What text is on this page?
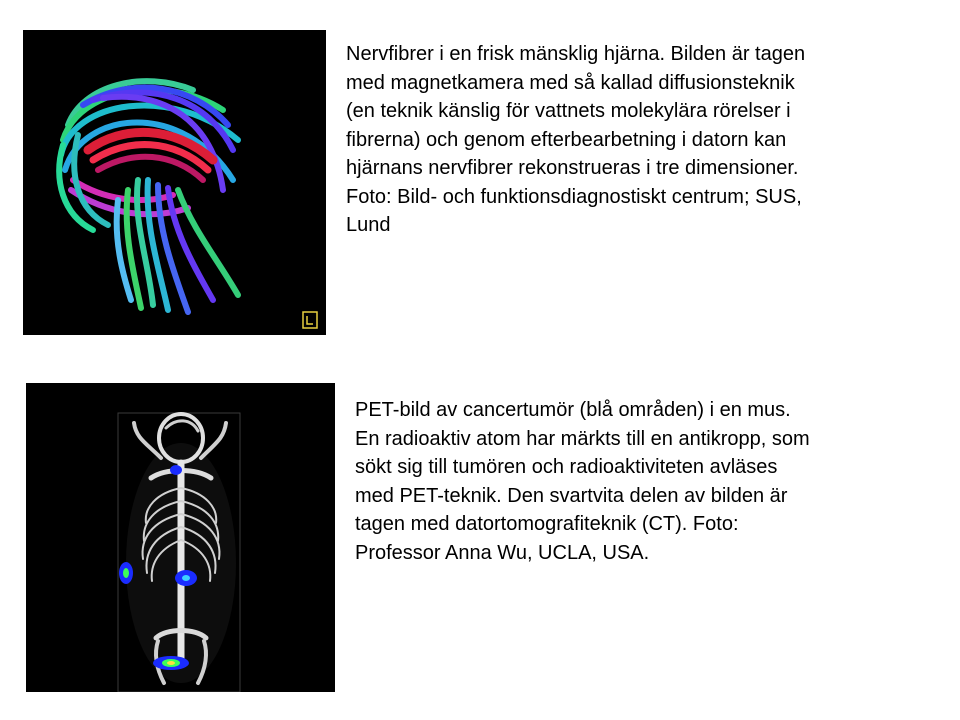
Nervfibrer i en frisk mänsklig hjärna. Bilden är tagen
med magnetkamera med så kallad diffusionsteknik
(en teknik känslig för vattnets molekylära rörelser i
fibrerna) och genom efterbearbetning i datorn kan
hjärnans nervfibrer rekonstrueras i tre dimensioner.
Foto: Bild- och funktionsdiagnostiskt centrum; SUS,
Lund

PET-bild av cancertumör (blå områden) i en mus.
En radioaktiv atom har märkts till en antikropp, som
sökt sig till tumören och radioaktiviteten avläses
med PET-teknik. Den svartvita delen av bilden är
tagen med datortomografiteknik (CT). Foto:
Professor Anna Wu, UCLA, USA.
